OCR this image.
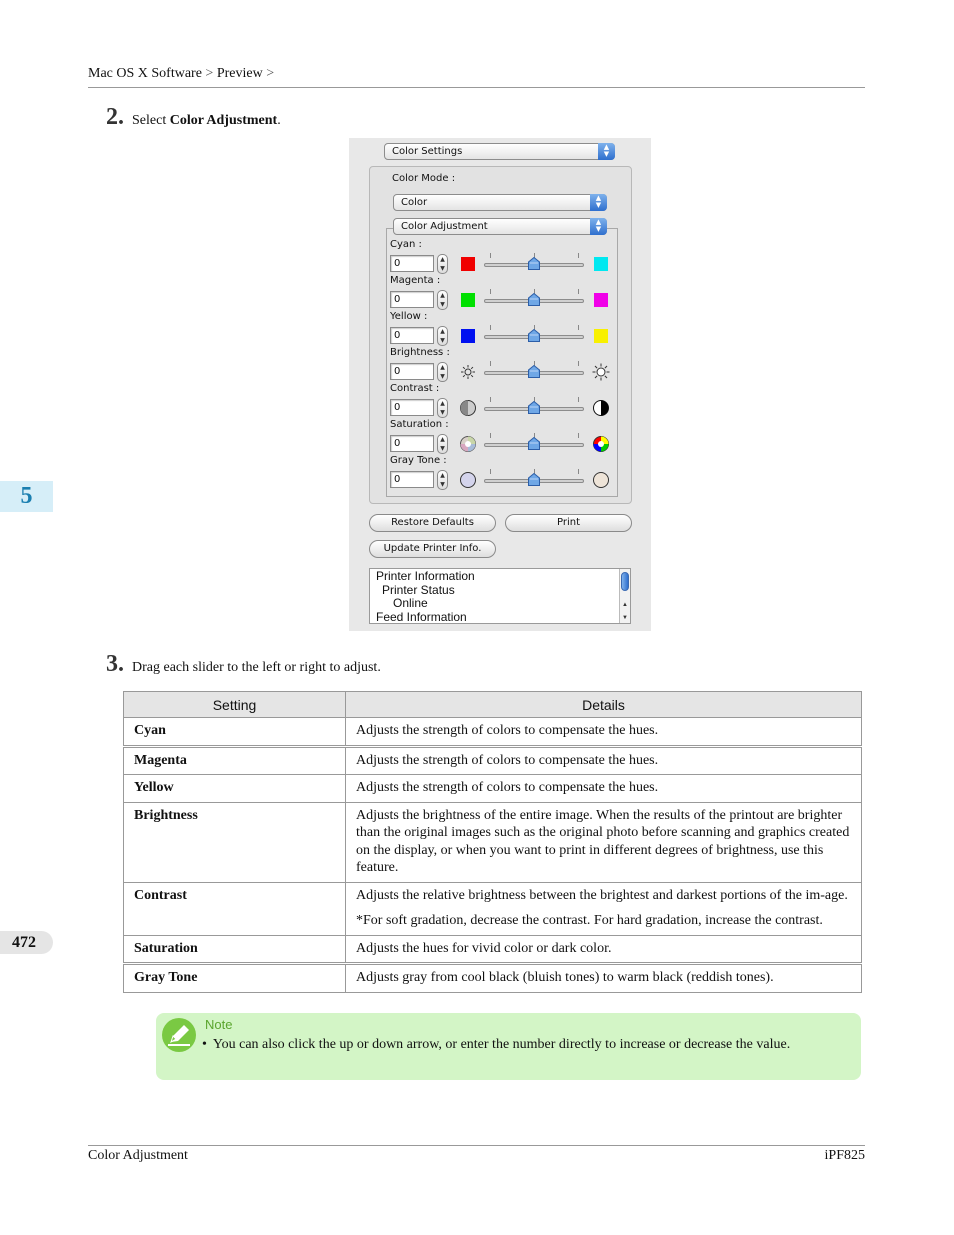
Mac OS X Software > Preview >
5
472
2. Select Color Adjustment.
Color Settings	▲
▼
Color Mode :
Color	▲
▼
Color Adjustment	▲
▼
Cyan :
0	▲
▼
Magenta :
0	▲
▼
Yellow :
0	▲
▼
Brightness :
0	▲
▼
Contrast :
0	▲
▼
Saturation :
0	▲
▼
Gray Tone :
0	▲
▼
Restore Defaults	Print
Update Printer Info.
Printer Information
Printer Status
Online
Feed Information
▲
▼
3. Drag each slider to the left or right to adjust.
Setting	Details
Cyan	Adjusts the strength of colors to compensate the hues.
Magenta	Adjusts the strength of colors to compensate the hues.
Yellow	Adjusts the strength of colors to compensate the hues.
Brightness	Adjusts the brightness of the entire image. When the results of the printout are brighter than the original images such as the original photo before scanning and graphics created on the display, or when you want to print in different degrees of brightness, use this feature.
Contrast	Adjusts the relative brightness between the brightest and darkest portions of the im-age.
*For soft gradation, decrease the contrast. For hard gradation, increase the contrast.

Saturation	Adjusts the hues for vivid color or dark color.
Gray Tone	Adjusts gray from cool black (bluish tones) to warm black (reddish tones).
Note
• You can also click the up or down arrow, or enter the number directly to increase or decrease the value.
Color Adjustment	iPF825
